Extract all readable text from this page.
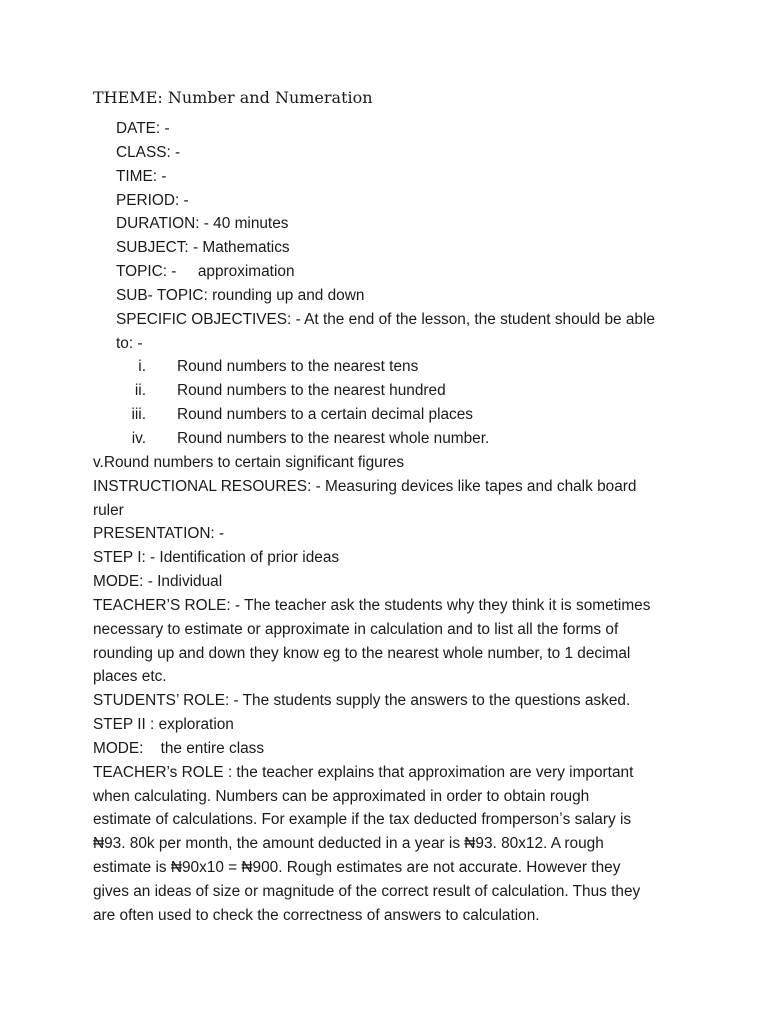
THEME: Number and Numeration
DATE: -
CLASS: -
TIME: -
PERIOD: -
DURATION: - 40 minutes
SUBJECT: - Mathematics
TOPIC: - approximation
SUB- TOPIC: rounding up and down
SPECIFIC OBJECTIVES: - At the end of the lesson, the student should be able
to: -
i.	Round numbers to the nearest tens
ii.	Round numbers to the nearest hundred
iii.	Round numbers to a certain decimal places
iv.	Round numbers to the nearest whole number.
v.Round numbers to certain significant figures
INSTRUCTIONAL RESOURES: - Measuring devices like tapes and chalk board
ruler
PRESENTATION: -
STEP I: - Identification of prior ideas
MODE: - Individual
TEACHER’S ROLE: - The teacher ask the students why they think it is sometimes
necessary to estimate or approximate in calculation and to list all the forms of
rounding up and down they know eg to the nearest whole number, to 1 decimal
places etc.
STUDENTS’ ROLE: - The students supply the answers to the questions asked.
STEP II : exploration
MODE: the entire class
TEACHER’s ROLE : the teacher explains that approximation are very important
when calculating. Numbers can be approximated in order to obtain rough
estimate of calculations. For example if the tax deducted frompersonʼs salary is
₦93. 80k per month, the amount deducted in a year is ₦93. 80x12. A rough
estimate is ₦90x10 = ₦900. Rough estimates are not accurate. However they
gives an ideas of size or magnitude of the correct result of calculation. Thus they
are often used to check the correctness of answers to calculation.
